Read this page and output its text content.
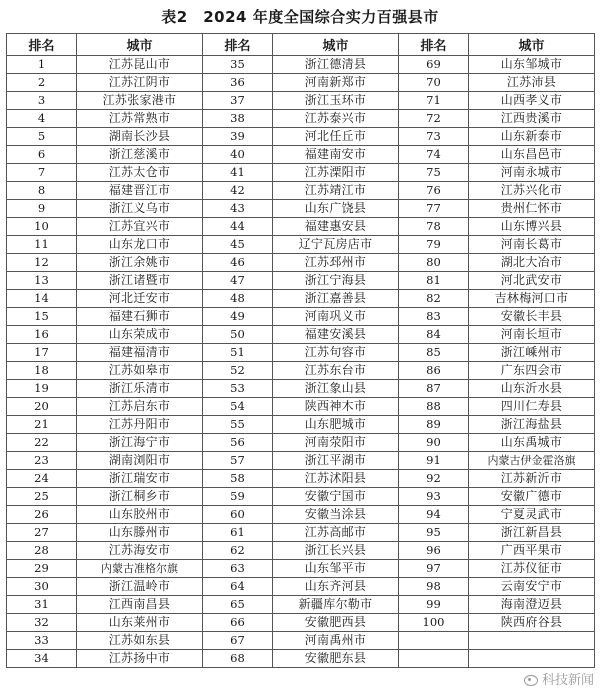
表2　2024 年度全国综合实力百强县市
排名	城市	排名	城市	排名	城市
1	江苏昆山市	35	浙江德清县	69	山东邹城市
2	江苏江阴市	36	河南新郑市	70	江苏沛县
3	江苏张家港市	37	浙江玉环市	71	山西孝义市
4	江苏常熟市	38	江苏泰兴市	72	江西贵溪市
5	湖南长沙县	39	河北任丘市	73	山东新泰市
6	浙江慈溪市	40	福建南安市	74	山东昌邑市
7	江苏太仓市	41	江苏溧阳市	75	河南永城市
8	福建晋江市	42	江苏靖江市	76	江苏兴化市
9	浙江义乌市	43	山东广饶县	77	贵州仁怀市
10	江苏宜兴市	44	福建惠安县	78	山东博兴县
11	山东龙口市	45	辽宁瓦房店市	79	河南长葛市
12	浙江余姚市	46	江苏邳州市	80	湖北大冶市
13	浙江诸暨市	47	浙江宁海县	81	河北武安市
14	河北迁安市	48	浙江嘉善县	82	吉林梅河口市
15	福建石狮市	49	河南巩义市	83	安徽长丰县
16	山东荣成市	50	福建安溪县	84	河南长垣市
17	福建福清市	51	江苏句容市	85	浙江嵊州市
18	江苏如皋市	52	江苏东台市	86	广东四会市
19	浙江乐清市	53	浙江象山县	87	山东沂水县
20	江苏启东市	54	陕西神木市	88	四川仁寿县
21	江苏丹阳市	55	山东肥城市	89	浙江海盐县
22	浙江海宁市	56	河南荥阳市	90	山东禹城市
23	湖南浏阳市	57	浙江平湖市	91	内蒙古伊金霍洛旗
24	浙江瑞安市	58	江苏沭阳县	92	江苏新沂市
25	浙江桐乡市	59	安徽宁国市	93	安徽广德市
26	山东胶州市	60	安徽当涂县	94	宁夏灵武市
27	山东滕州市	61	江苏高邮市	95	浙江新昌县
28	江苏海安市	62	浙江长兴县	96	广西平果市
29	内蒙古准格尔旗	63	山东邹平市	97	江苏仪征市
30	浙江温岭市	64	山东齐河县	98	云南安宁市
31	江西南昌县	65	新疆库尔勒市	99	海南澄迈县
32	山东莱州市	66	安徽肥西县	100	陕西府谷县
33	江苏如东县	67	河南禹州市		
34	江苏扬中市	68	安徽肥东县		
科技新闻
